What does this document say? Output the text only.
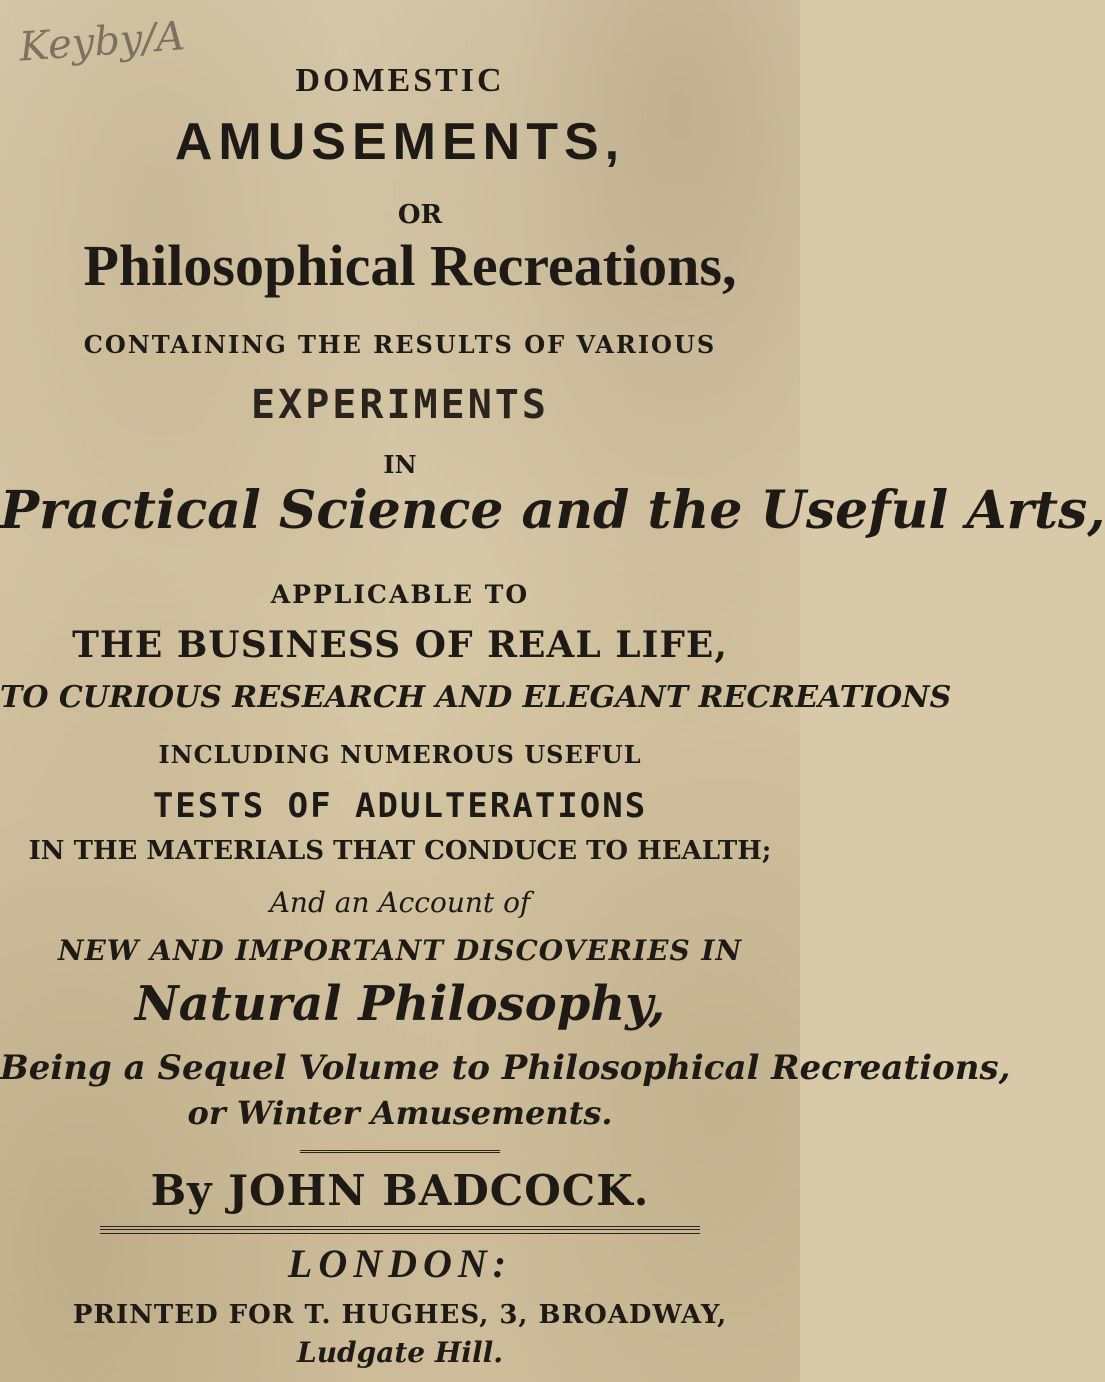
Keyby/A
DOMESTIC
AMUSEMENTS,
OR
Philosophical Recreations,
CONTAINING THE RESULTS OF VARIOUS
EXPERIMENTS
IN
Practical Science and the Useful Arts,
APPLICABLE TO
THE BUSINESS OF REAL LIFE,
TO CURIOUS RESEARCH AND ELEGANT RECREATIONS
INCLUDING NUMEROUS USEFUL
TESTS OF ADULTERATIONS
IN THE MATERIALS THAT CONDUCE TO HEALTH;
And an Account of
NEW AND IMPORTANT DISCOVERIES IN
Natural Philosophy,
Being a Sequel Volume to Philosophical Recreations,
or Winter Amusements.
By JOHN BADCOCK.
LONDON:
PRINTED FOR T. HUGHES, 3, BROADWAY,
Ludgate Hill.
